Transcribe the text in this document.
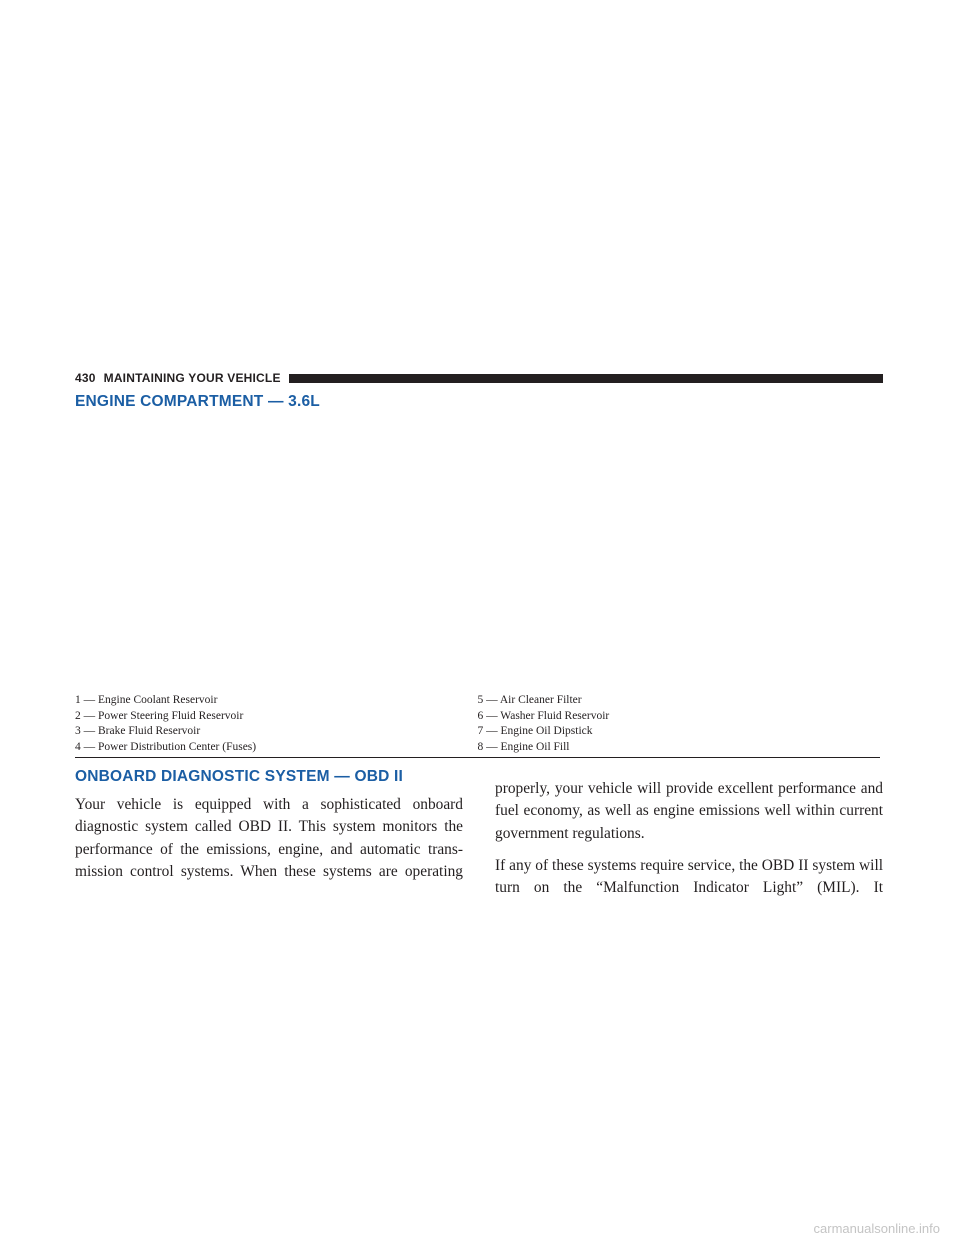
430 MAINTAINING YOUR VEHICLE
ENGINE COMPARTMENT — 3.6L
1 — Engine Coolant Reservoir
2 — Power Steering Fluid Reservoir
3 — Brake Fluid Reservoir
4 — Power Distribution Center (Fuses)
5 — Air Cleaner Filter
6 — Washer Fluid Reservoir
7 — Engine Oil Dipstick
8 — Engine Oil Fill
ONBOARD DIAGNOSTIC SYSTEM — OBD II

Your vehicle is equipped with a sophisticated onboard diagnostic system called OBD II. This system monitors the performance of the emissions, engine, and automatic trans-mission control systems. When these systems are operating

properly, your vehicle will provide excellent performance and fuel economy, as well as engine emissions well within current government regulations.

If any of these systems require service, the OBD II system will turn on the “Malfunction Indicator Light” (MIL). It

carmanualsonline.info
